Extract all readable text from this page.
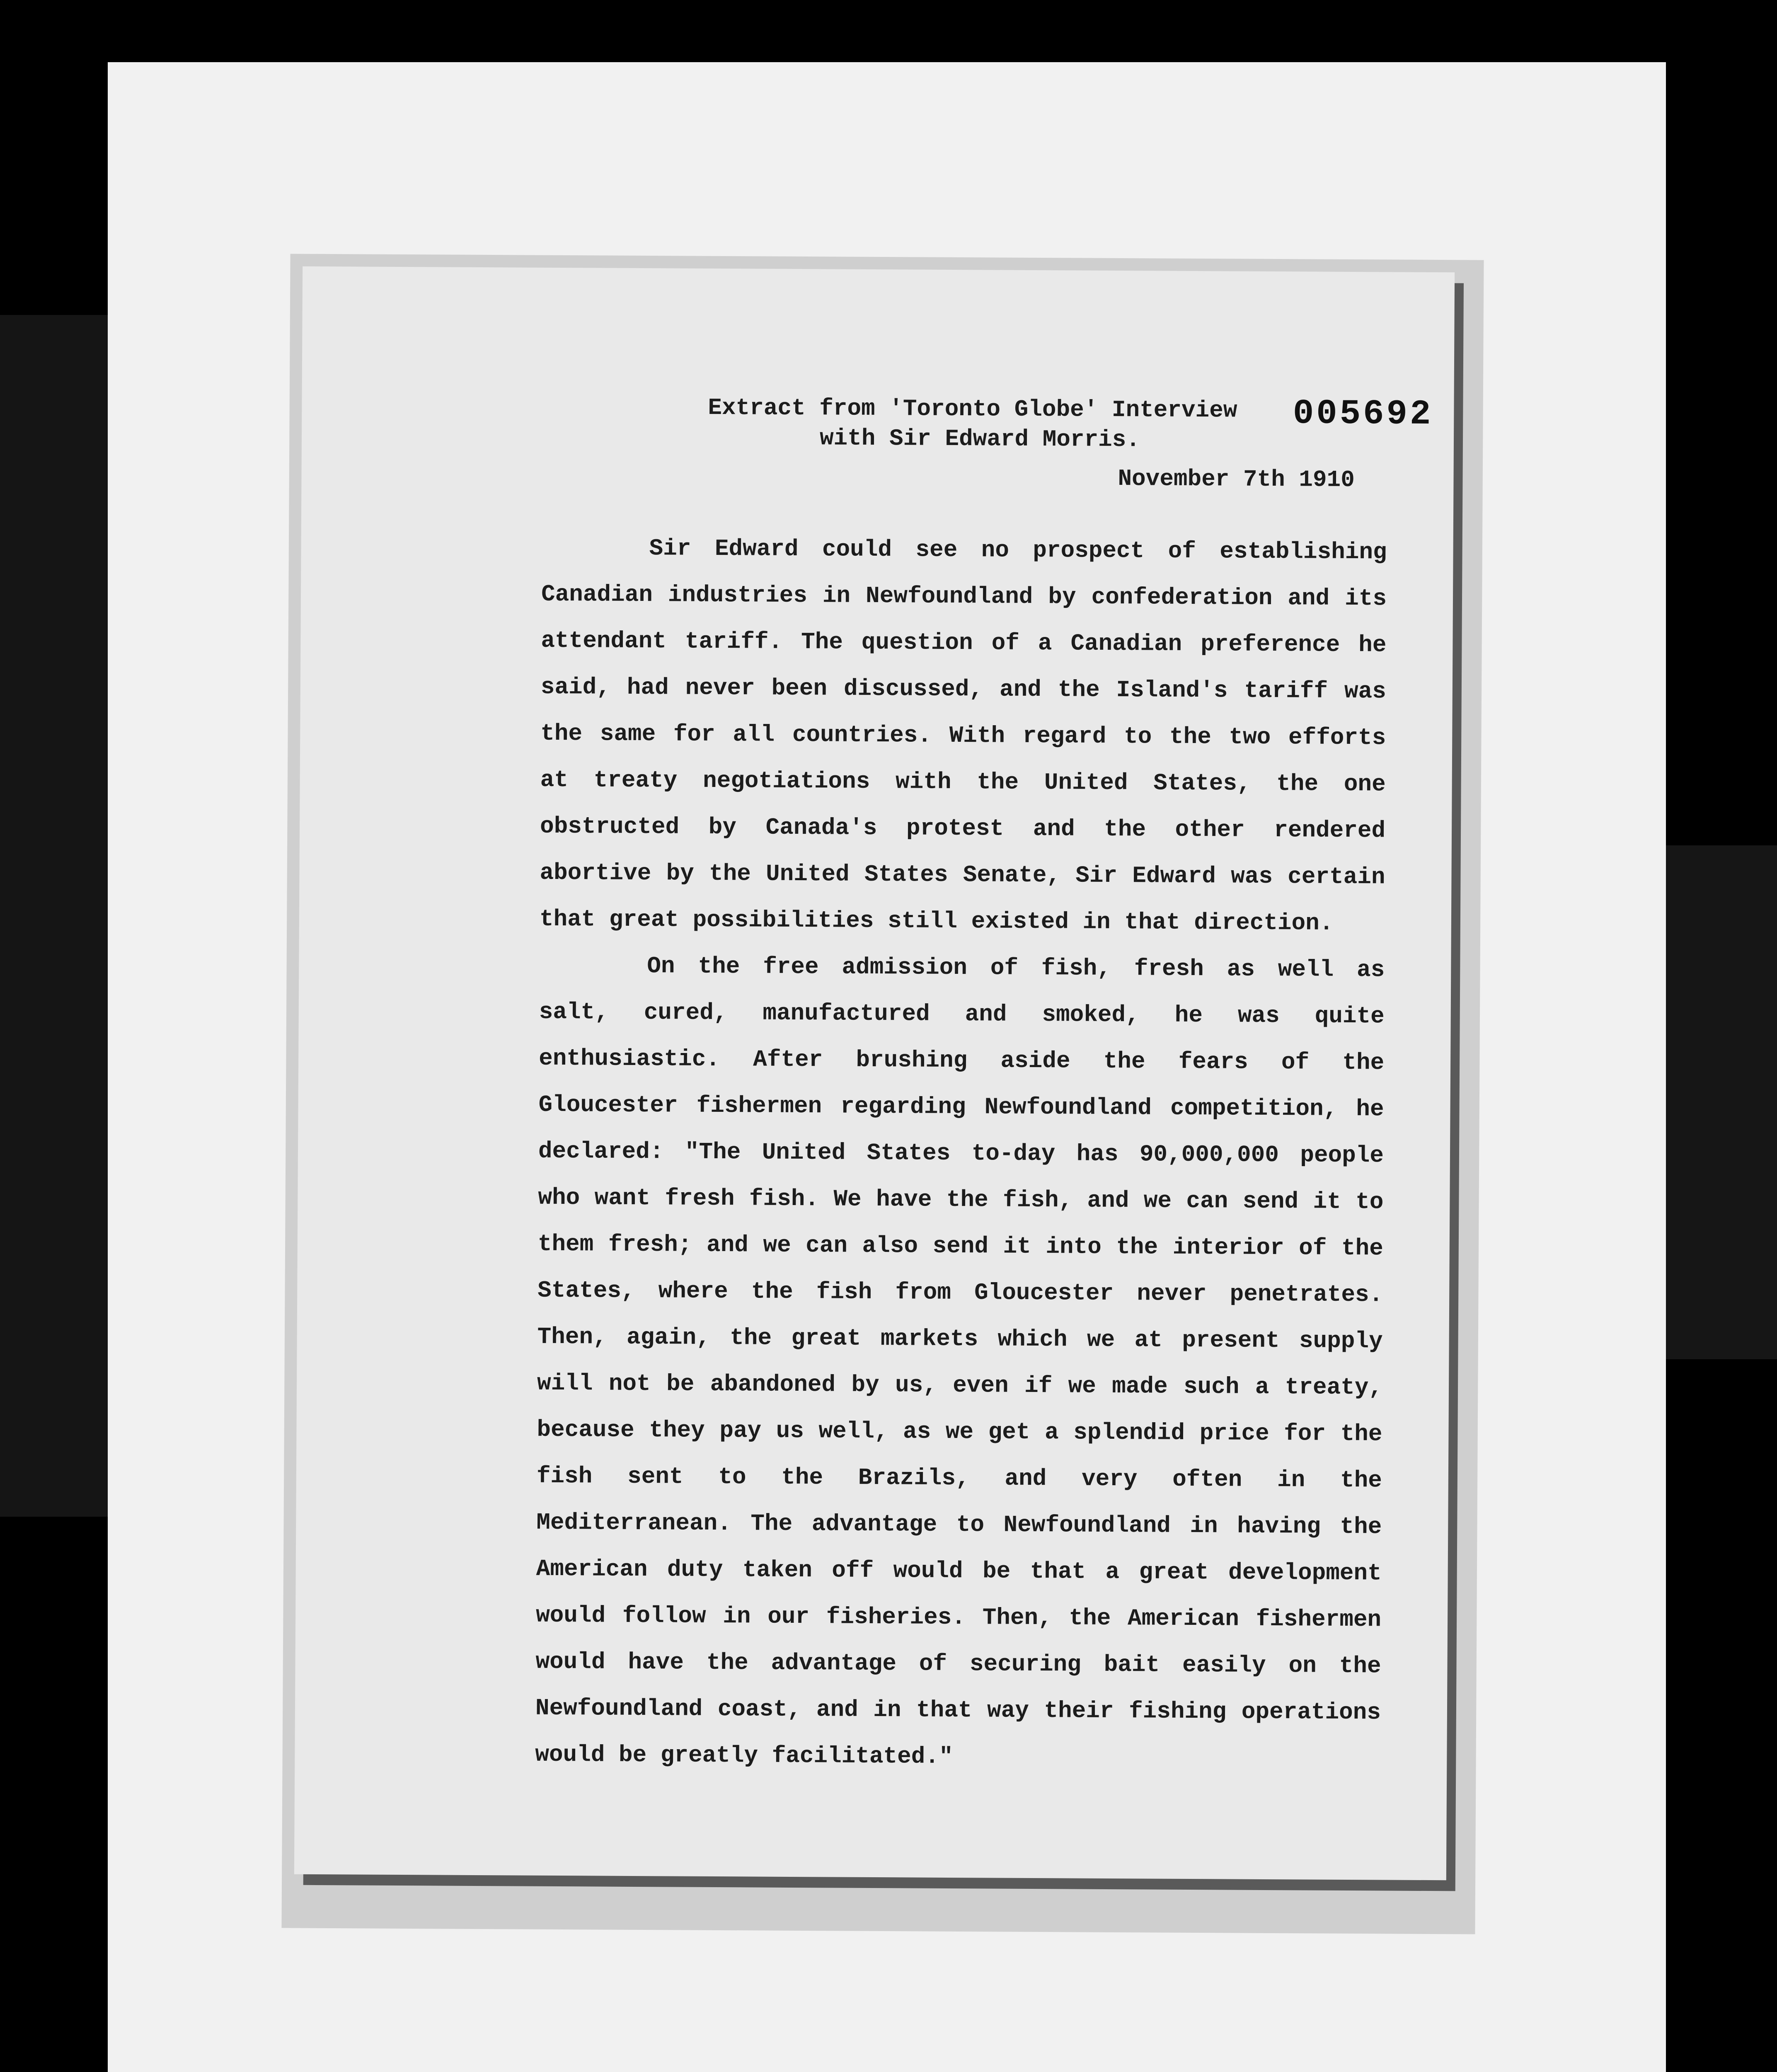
Extract from 'Toronto Globe' Interview
with Sir Edward Morris.
005692
November 7th 1910

Sir Edward could see no prospect of establishing Canadian industries in Newfoundland by confederation and its attendant tariff. The question of a Canadian preference he said, had never been discussed, and the Island's tariff was the same for all countries. With regard to the two efforts at treaty negotiations with the United States, the one obstructed by Canada's protest and the other rendered abortive by the United States Senate, Sir Edward was certain that great possibilities still existed in that direction.

On the free admission of fish, fresh as well as salt, cured, manufactured and smoked, he was quite enthusiastic. After brushing aside the fears of the Gloucester fishermen regarding Newfoundland competition, he declared: "The United States to-day has 90,000,000 people who want fresh fish. We have the fish, and we can send it to them fresh; and we can also send it into the interior of the States, where the fish from Gloucester never penetrates. Then, again, the great markets which we at present supply will not be abandoned by us, even if we made such a treaty, because they pay us well, as we get a splendid price for the fish sent to the Brazils, and very often in the Mediterranean. The advantage to Newfoundland in having the American duty taken off would be that a great development would follow in our fisheries. Then, the American fishermen would have the advantage of securing bait easily on the Newfoundland coast, and in that way their fishing operations would be greatly facilitated."
